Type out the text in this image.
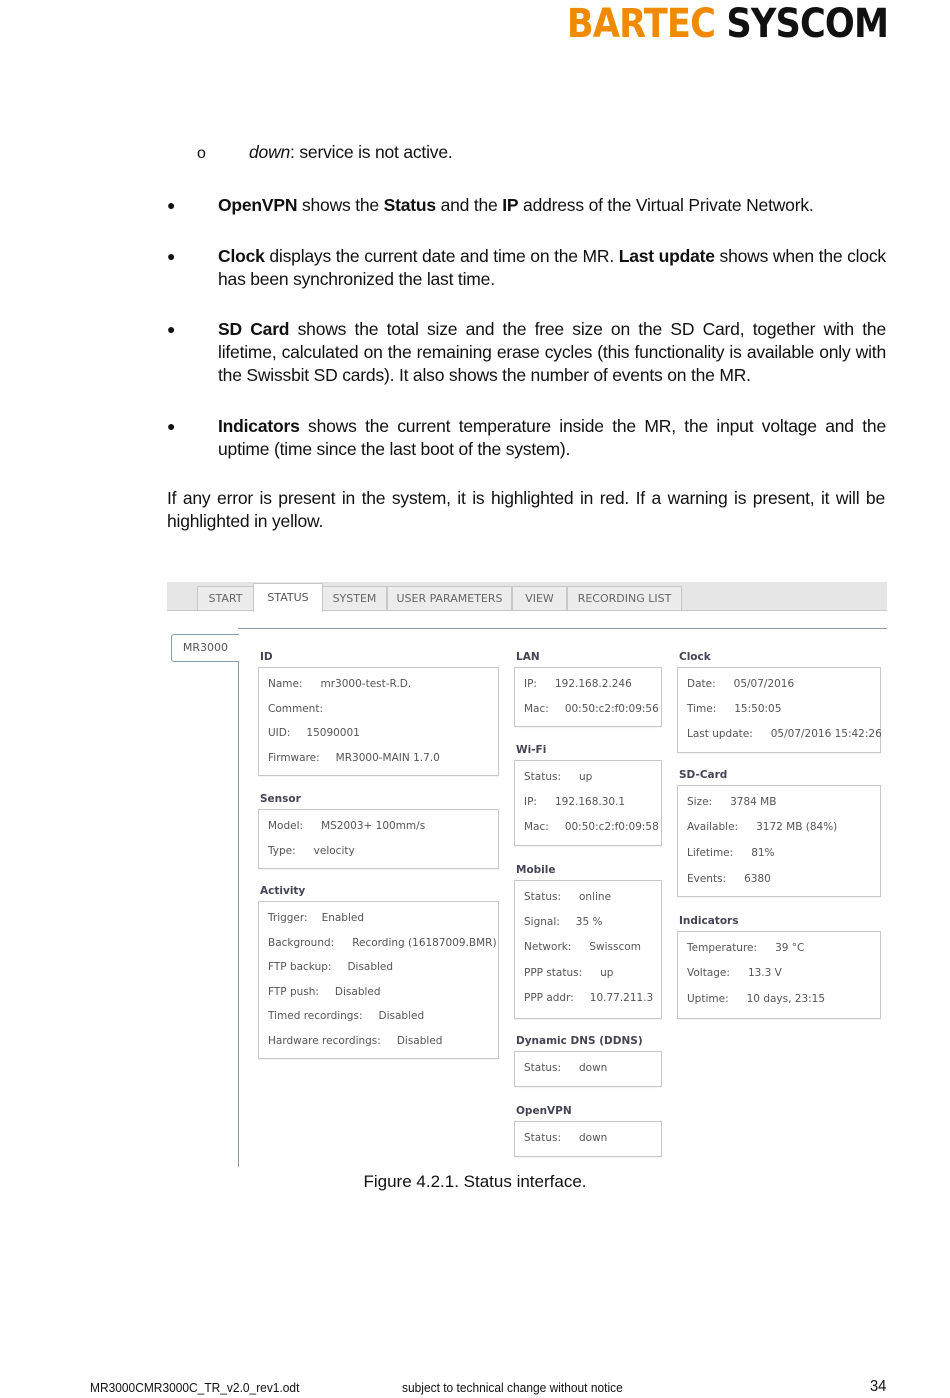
BARTEC SYSCOM
o down: service is not active.
● OpenVPN shows the Status and the IP address of the Virtual Private Network.
● Clock displays the current date and time on the MR. Last update shows when the clock has been synchronized the last time.
● SD Card shows the total size and the free size on the SD Card, together with the lifetime, calculated on the remaining erase cycles (this functionality is available only with the Swissbit SD cards). It also shows the number of events on the MR.
● Indicators shows the current temperature inside the MR, the input voltage and the uptime (time since the last boot of the system).
If any error is present in the system, it is highlighted in red. If a warning is present, it will be highlighted in yellow.
START	STATUS	SYSTEM	USER PARAMETERS	VIEW	RECORDING LIST
MR3000
ID
Name: mr3000-test-R.D.
Comment:
UID: 15090001
Firmware: MR3000-MAIN 1.7.0
Sensor
Model: MS2003+ 100mm/s
Type: velocity
Activity
Trigger: Enabled
Background: Recording (16187009.BMR)
FTP backup: Disabled
FTP push: Disabled
Timed recordings: Disabled
Hardware recordings: Disabled
LAN
IP: 192.168.2.246
Mac: 00:50:c2:f0:09:56
Wi-Fi
Status: up
IP: 192.168.30.1
Mac: 00:50:c2:f0:09:58
Mobile
Status: online
Signal: 35 %
Network: Swisscom
PPP status: up
PPP addr: 10.77.211.3
Dynamic DNS (DDNS)
Status: down
OpenVPN
Status: down
Clock
Date: 05/07/2016
Time: 15:50:05
Last update: 05/07/2016 15:42:26
SD-Card
Size: 3784 MB
Available: 3172 MB (84%)
Lifetime: 81%
Events: 6380
Indicators
Temperature: 39 °C
Voltage: 13.3 V
Uptime: 10 days, 23:15
Figure 4.2.1. Status interface.
MR3000CMR3000C_TR_v2.0_rev1.odt	subject to technical change without notice	34
